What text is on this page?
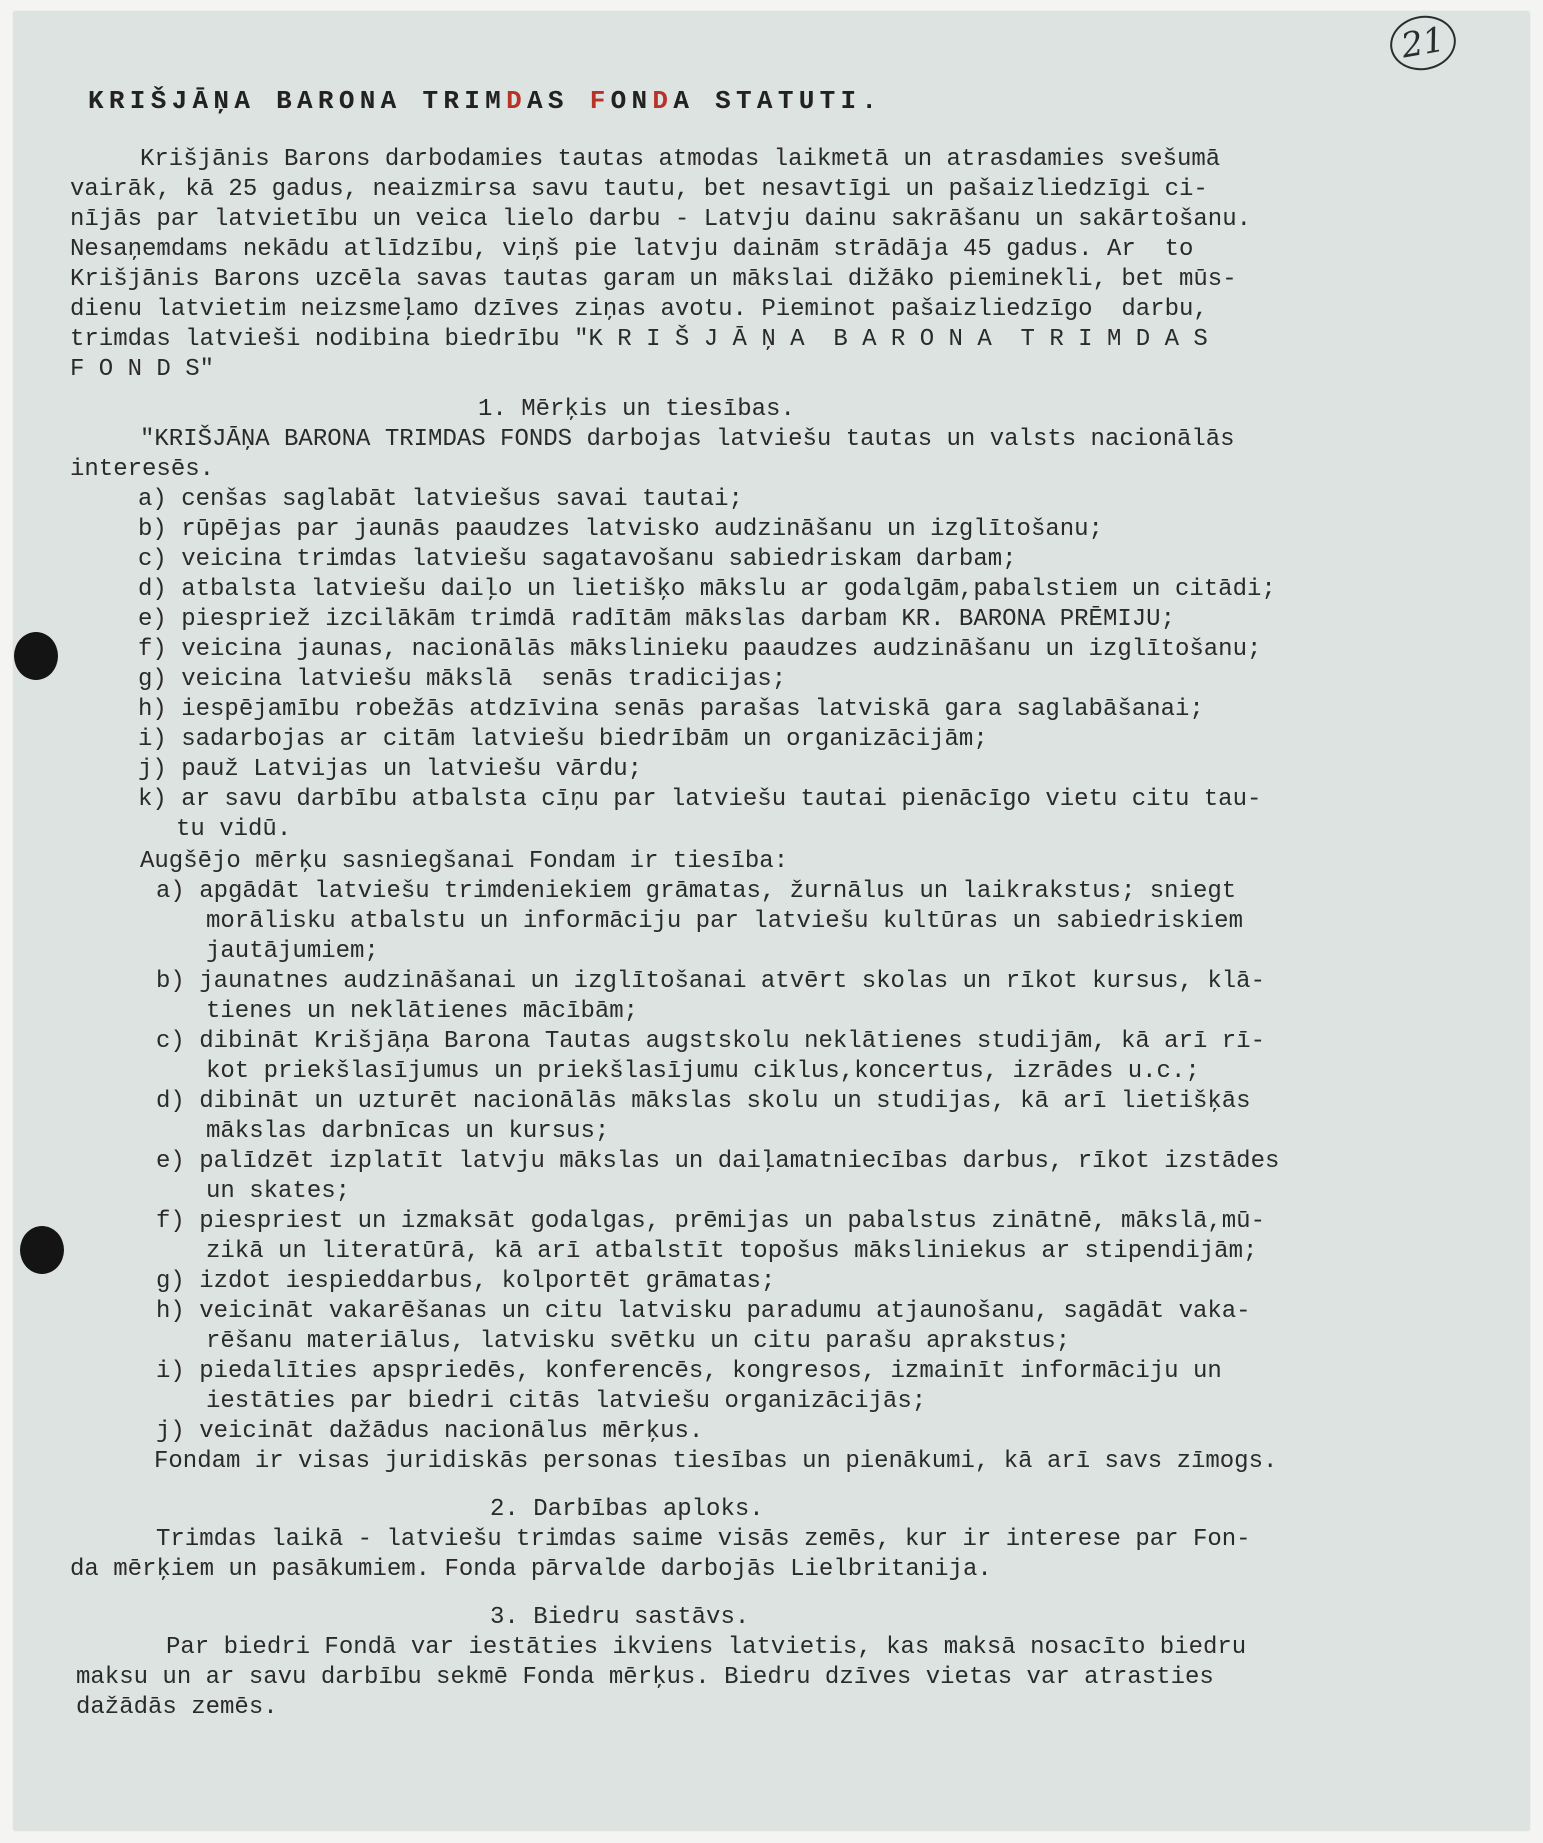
21
KRIŠJĀŅA BARONA TRIMDAS FONDA STATUTI.
Krišjānis Barons darbodamies tautas atmodas laikmetā un atrasdamies svešumā
vairāk, kā 25 gadus, neaizmirsa savu tautu, bet nesavtīgi un pašaizliedzīgi ci-
nījās par latvietību un veica lielo darbu - Latvju dainu sakrāšanu un sakārtošanu.
Nesaņemdams nekādu atlīdzību, viņš pie latvju dainām strādāja 45 gadus. Ar  to
Krišjānis Barons uzcēla savas tautas garam un mākslai dižāko pieminekli, bet mūs-
dienu latvietim neizsmeļamo dzīves ziņas avotu. Pieminot pašaizliedzīgo  darbu,
trimdas latvieši nodibina biedrību "K R I Š J Ā Ņ A  B A R O N A  T R I M D A S
F O N D S"
1. Mērķis un tiesības.
"KRIŠJĀŅA BARONA TRIMDAS FONDS darbojas latviešu tautas un valsts nacionālās
interesēs.
a) cenšas saglabāt latviešus savai tautai;
b) rūpējas par jaunās paaudzes latvisko audzināšanu un izglītošanu;
c) veicina trimdas latviešu sagatavošanu sabiedriskam darbam;
d) atbalsta latviešu daiļo un lietišķo mākslu ar godalgām,pabalstiem un citādi;
e) piespriež izcilākām trimdā radītām mākslas darbam KR. BARONA PRĒMIJU;
f) veicina jaunas, nacionālās mākslinieku paaudzes audzināšanu un izglītošanu;
g) veicina latviešu mākslā  senās tradicijas;
h) iespējamību robežās atdzīvina senās parašas latviskā gara saglabāšanai;
i) sadarbojas ar citām latviešu biedrībām un organizācijām;
j) pauž Latvijas un latviešu vārdu;
k) ar savu darbību atbalsta cīņu par latviešu tautai pienācīgo vietu citu tau-
tu vidū.
Augšējo mērķu sasniegšanai Fondam ir tiesība:
a) apgādāt latviešu trimdeniekiem grāmatas, žurnālus un laikrakstus; sniegt
morālisku atbalstu un informāciju par latviešu kultūras un sabiedriskiem
jautājumiem;
b) jaunatnes audzināšanai un izglītošanai atvērt skolas un rīkot kursus, klā-
tienes un neklātienes mācībām;
c) dibināt Krišjāņa Barona Tautas augstskolu neklātienes studijām, kā arī rī-
kot priekšlasījumus un priekšlasījumu ciklus,koncertus, izrādes u.c.;
d) dibināt un uzturēt nacionālās mākslas skolu un studijas, kā arī lietišķās
mākslas darbnīcas un kursus;
e) palīdzēt izplatīt latvju mākslas un daiļamatniecības darbus, rīkot izstādes
un skates;
f) piespriest un izmaksāt godalgas, prēmijas un pabalstus zinātnē, mākslā,mū-
zikā un literatūrā, kā arī atbalstīt topošus māksliniekus ar stipendijām;
g) izdot iespieddarbus, kolportēt grāmatas;
h) veicināt vakarēšanas un citu latvisku paradumu atjaunošanu, sagādāt vaka-
rēšanu materiālus, latvisku svētku un citu parašu aprakstus;
i) piedalīties apspriedēs, konferencēs, kongresos, izmainīt informāciju un
iestāties par biedri citās latviešu organizācijās;
j) veicināt dažādus nacionālus mērķus.
Fondam ir visas juridiskās personas tiesības un pienākumi, kā arī savs zīmogs.
2. Darbības aploks.
Trimdas laikā - latviešu trimdas saime visās zemēs, kur ir interese par Fon-
da mērķiem un pasākumiem. Fonda pārvalde darbojās Lielbritanija.
3. Biedru sastāvs.
Par biedri Fondā var iestāties ikviens latvietis, kas maksā nosacīto biedru
maksu un ar savu darbību sekmē Fonda mērķus. Biedru dzīves vietas var atrasties
dažādās zemēs.
